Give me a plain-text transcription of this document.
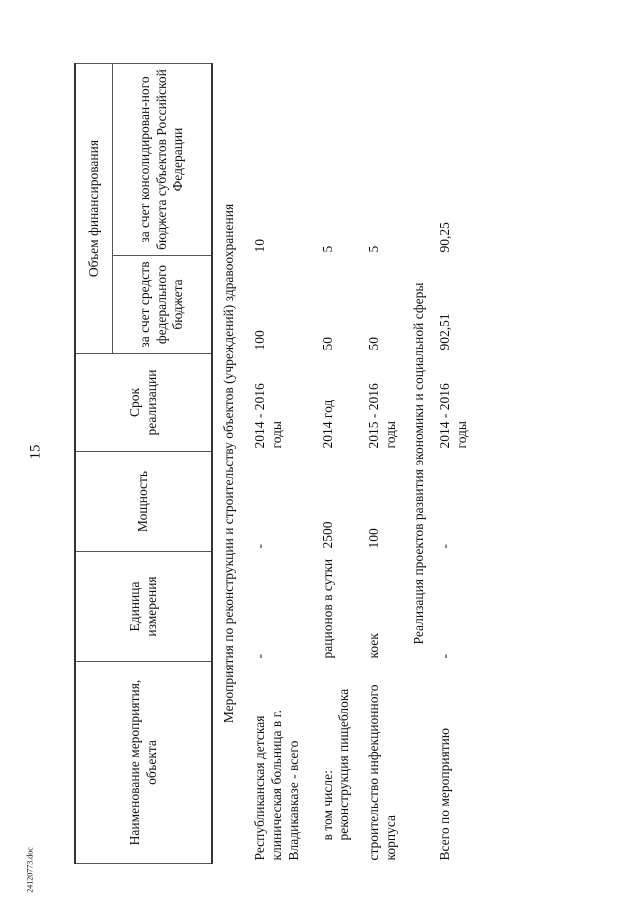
15
24120773.doc
Наименование мероприятия, объекта	Единица измерения	Мощность	Срок реализации	Объем финансирования	
				за счет средств федерального бюджета	за счет консолидирован-ного бюджета субъектов Российской Федерации
Мероприятия по реконструкции и строительству объектов (учреждений) здравоохранения					
Республиканская детская клиническая больница в г. Владикавказе - всего	-	-	2014 - 2016 годы	100	10

в том числе: реконструкция пищеблока	рационов в сутки	2500	2014 год	50	5
строительство инфекционного корпуса	коек	100	2015 - 2016 годы	50	5
Реализация проектов развития экономики и социальной сферы					
Всего по мероприятию	-	-	2014 - 2016 годы	902,51	90,25
